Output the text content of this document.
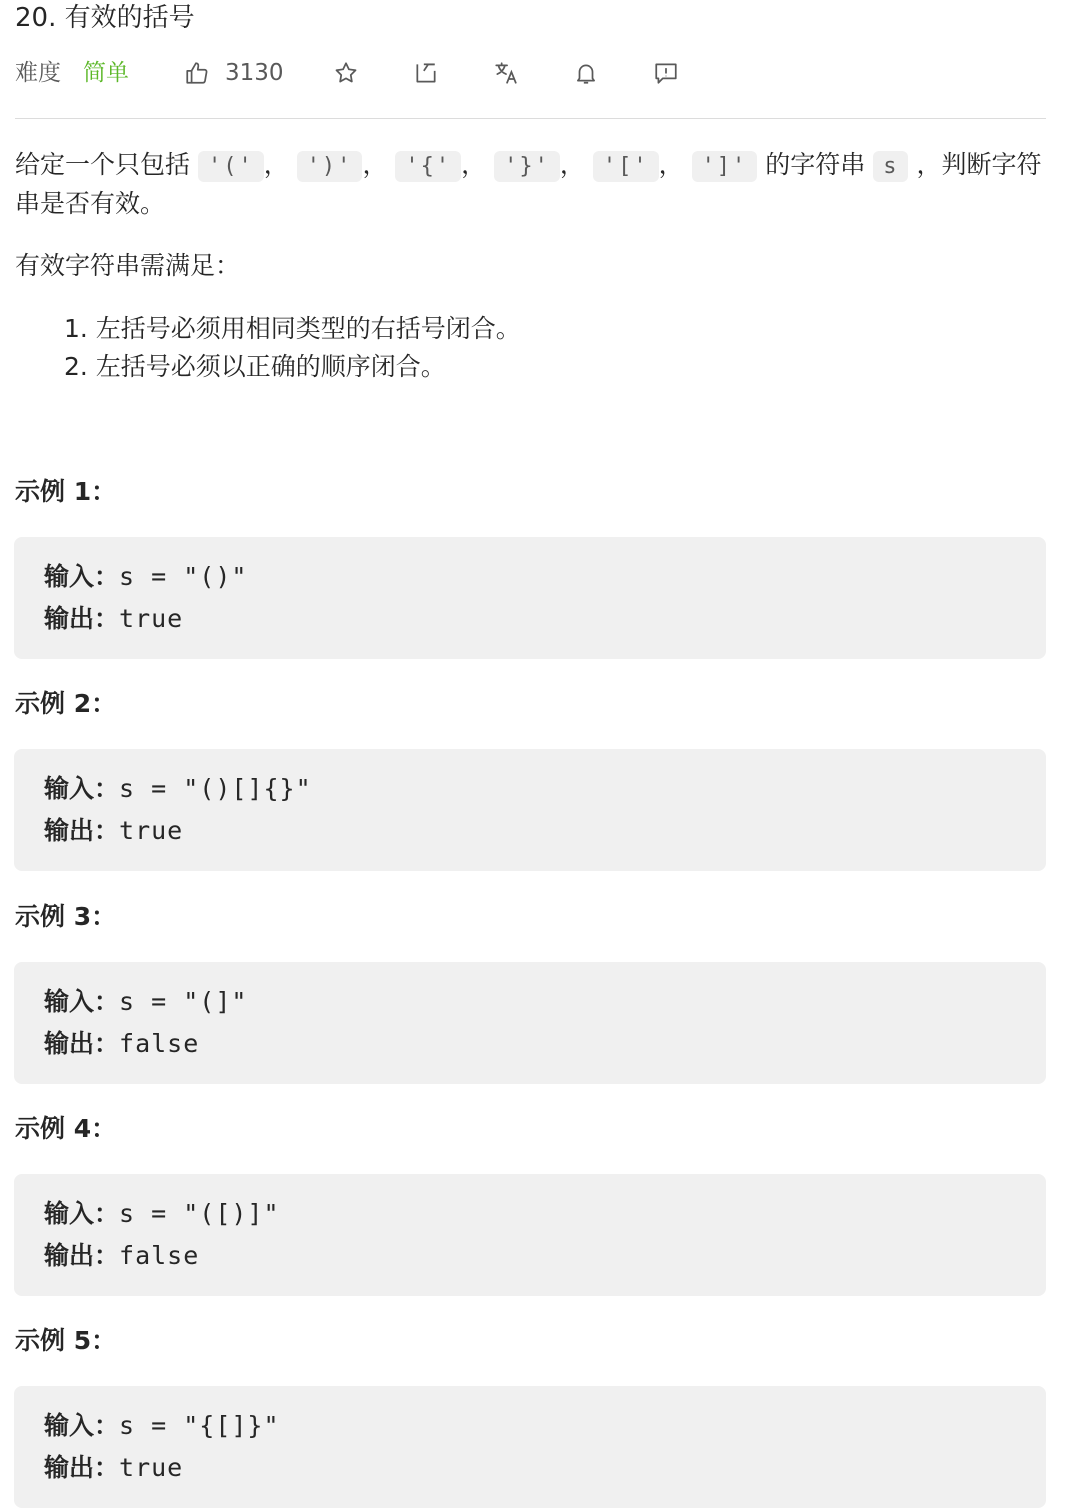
20. 有效的括号
难度 简单	3130

给定一个只包括 '(' ， ')' ， '{' ， '}' ， '[' ， ']' 的字符串 s ，判断字符串是否有效。

有效字符串需满足：

1. 左括号必须用相同类型的右括号闭合。
2. 左括号必须以正确的顺序闭合。
示例 1：
输入：s = "()"
输出：true
示例 2：
输入：s = "()[]{}"
输出：true
示例 3：
输入：s = "(]"
输出：false
示例 4：
输入：s = "([)]"
输出：false
示例 5：
输入：s = "{[]}"
输出：true
